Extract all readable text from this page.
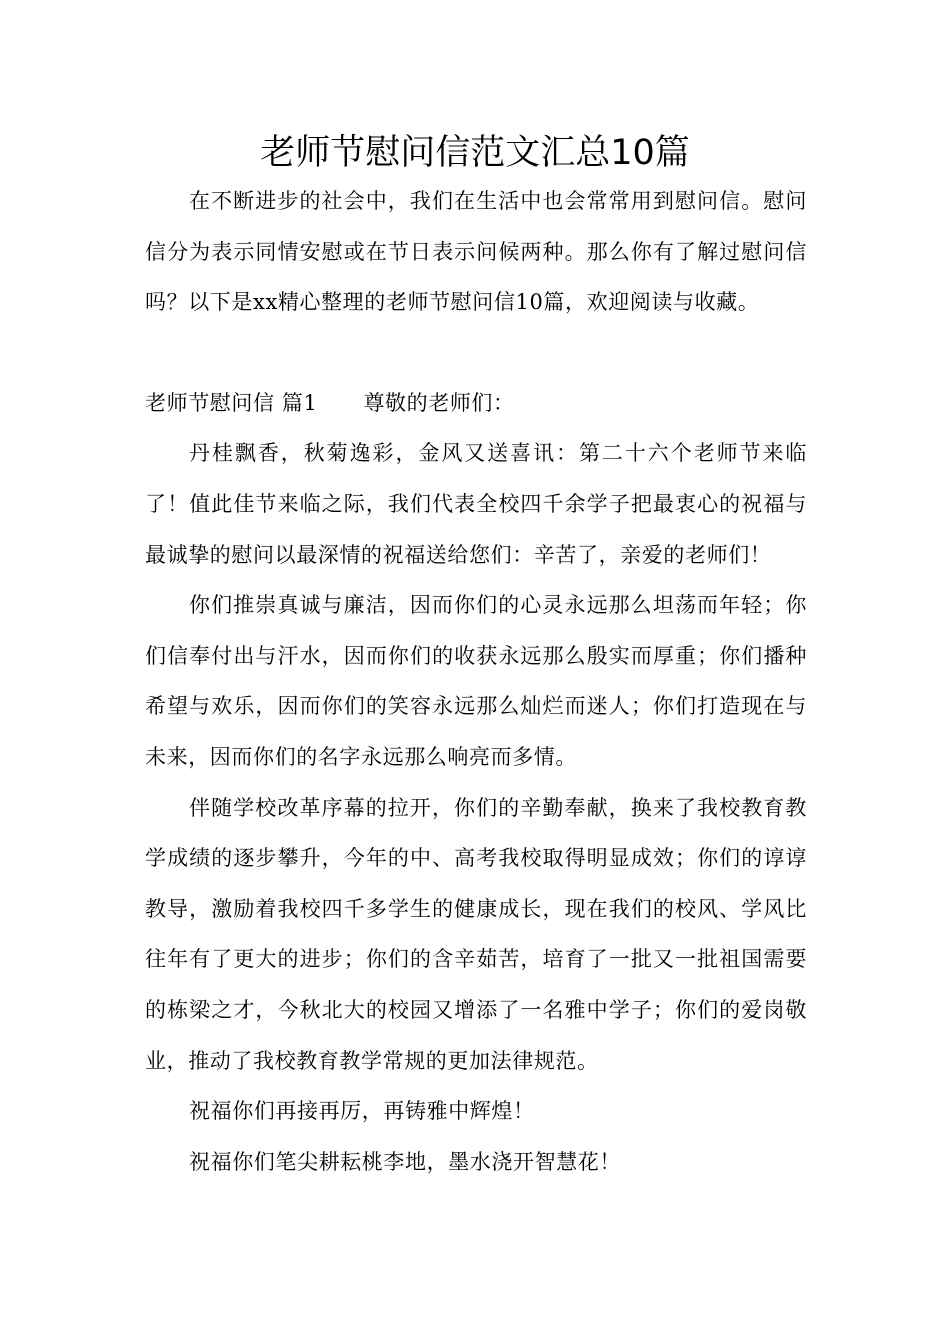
老师节慰问信范文汇总10篇

在不断进步的社会中，我们在生活中也会常常用到慰问信。慰问信分为表示同情安慰或在节日表示问候两种。那么你有了解过慰问信吗？以下是xx精心整理的老师节慰问信10篇，欢迎阅读与收藏。

老师节慰问信 篇1 尊敬的老师们：

丹桂飘香，秋菊逸彩，金风又送喜讯：第二十六个老师节来临了！值此佳节来临之际，我们代表全校四千余学子把最衷心的祝福与最诚挚的慰问以最深情的祝福送给您们：辛苦了，亲爱的老师们！

你们推崇真诚与廉洁，因而你们的心灵永远那么坦荡而年轻；你们信奉付出与汗水，因而你们的收获永远那么殷实而厚重；你们播种希望与欢乐，因而你们的笑容永远那么灿烂而迷人；你们打造现在与未来，因而你们的名字永远那么响亮而多情。

伴随学校改革序幕的拉开，你们的辛勤奉献，换来了我校教育教学成绩的逐步攀升，今年的中、高考我校取得明显成效；你们的谆谆教导，激励着我校四千多学生的健康成长，现在我们的校风、学风比往年有了更大的进步；你们的含辛茹苦，培育了一批又一批祖国需要的栋梁之才，今秋北大的校园又增添了一名雅中学子；你们的爱岗敬业，推动了我校教育教学常规的更加法律规范。

祝福你们再接再厉，再铸雅中辉煌！

祝福你们笔尖耕耘桃李地，墨水浇开智慧花！
